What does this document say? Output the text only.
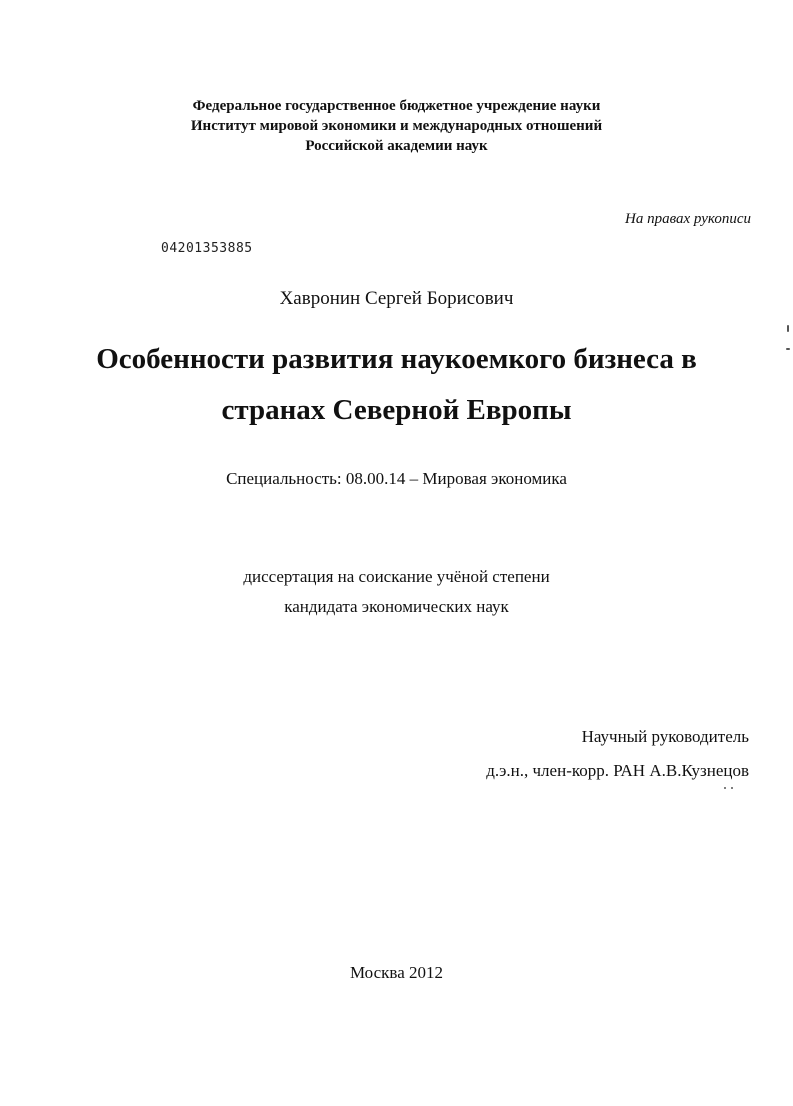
Федеральное государственное бюджетное учреждение науки
Институт мировой экономики и международных отношений
Российской академии наук
На правах рукописи
04201353885
Хавронин Сергей Борисович
Особенности развития наукоемкого бизнеса в
странах Северной Европы
Специальность: 08.00.14 – Мировая экономика
диссертация на соискание учёной степени
кандидата экономических наук
Научный руководитель
д.э.н., член-корр. РАН А.В.Кузнецов
Москва 2012
